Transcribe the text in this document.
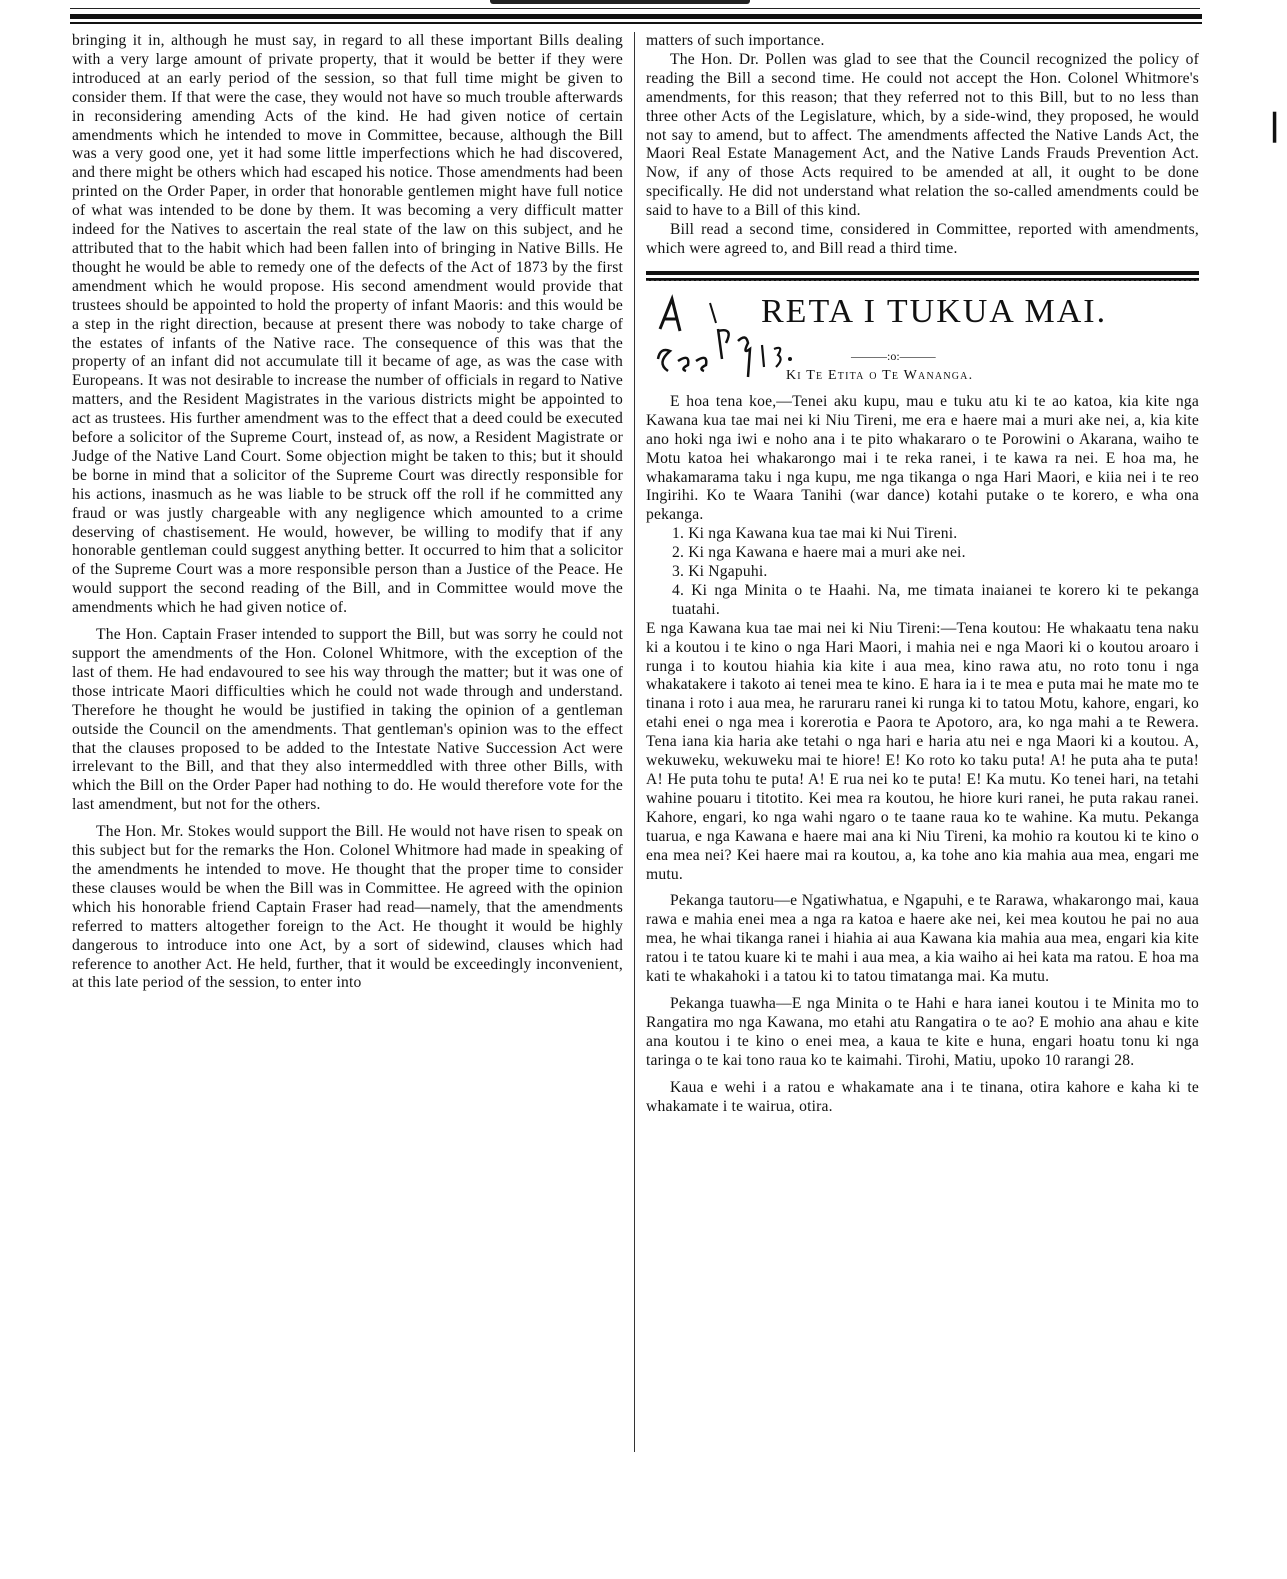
bringing it in, although he must say, in regard to all these important Bills dealing with a very large amount of private property, that it would be better if they were introduced at an early period of the session, so that full time might be given to consider them. If that were the case, they would not have so much trouble afterwards in reconsidering amending Acts of the kind. He had given notice of certain amendments which he intended to move in Committee, because, although the Bill was a very good one, yet it had some little imperfections which he had discovered, and there might be others which had escaped his notice. Those amendments had been printed on the Order Paper, in order that honorable gentlemen might have full notice of what was intended to be done by them. It was becoming a very difficult matter indeed for the Natives to ascertain the real state of the law on this subject, and he attributed that to the habit which had been fallen into of bringing in Native Bills. He thought he would be able to remedy one of the defects of the Act of 1873 by the first amendment which he would propose. His second amendment would provide that trustees should be appointed to hold the property of infant Maoris: and this would be a step in the right direction, because at present there was nobody to take charge of the estates of infants of the Native race. The consequence of this was that the property of an infant did not accumulate till it became of age, as was the case with Europeans. It was not desirable to increase the number of officials in regard to Native matters, and the Resident Magistrates in the various districts might be appointed to act as trustees. His further amendment was to the effect that a deed could be executed before a solicitor of the Supreme Court, instead of, as now, a Resident Magistrate or Judge of the Native Land Court. Some objection might be taken to this; but it should be borne in mind that a solicitor of the Supreme Court was directly responsible for his actions, inasmuch as he was liable to be struck off the roll if he committed any fraud or was justly chargeable with any negligence which amounted to a crime deserving of chastisement. He would, however, be willing to modify that if any honorable gentleman could suggest anything better. It occurred to him that a solicitor of the Supreme Court was a more responsible person than a Justice of the Peace. He would support the second reading of the Bill, and in Committee would move the amendments which he had given notice of.

The Hon. Captain Fraser intended to support the Bill, but was sorry he could not support the amendments of the Hon. Colonel Whitmore, with the exception of the last of them. He had endavoured to see his way through the matter; but it was one of those intricate Maori difficulties which he could not wade through and understand. Therefore he thought he would be justified in taking the opinion of a gentleman outside the Council on the amendments. That gentleman's opinion was to the effect that the clauses proposed to be added to the Intestate Native Succession Act were irrelevant to the Bill, and that they also intermeddled with three other Bills, with which the Bill on the Order Paper had nothing to do. He would therefore vote for the last amendment, but not for the others.

The Hon. Mr. Stokes would support the Bill. He would not have risen to speak on this subject but for the remarks the Hon. Colonel Whitmore had made in speaking of the amendments he intended to move. He thought that the proper time to consider these clauses would be when the Bill was in Committee. He agreed with the opinion which his honorable friend Captain Fraser had read—namely, that the amendments referred to matters altogether foreign to the Act. He thought it would be highly dangerous to introduce into one Act, by a sort of sidewind, clauses which had reference to another Act. He held, further, that it would be exceedingly inconvenient, at this late period of the session, to enter into

matters of such importance.

The Hon. Dr. Pollen was glad to see that the Council recognized the policy of reading the Bill a second time. He could not accept the Hon. Colonel Whitmore's amendments, for this reason; that they referred not to this Bill, but to no less than three other Acts of the Legislature, which, by a side-wind, they proposed, he would not say to amend, but to affect. The amendments affected the Native Lands Act, the Maori Real Estate Management Act, and the Native Lands Frauds Prevention Act. Now, if any of those Acts required to be amended at all, it ought to be done specifically. He did not understand what relation the so-called amendments could be said to have to a Bill of this kind.

Bill read a second time, considered in Committee, reported with amendments, which were agreed to, and Bill read a third time.

RETA I TUKUA MAI.
———:o:———
Ki Te Etita o Te Wananga.

E hoa tena koe,—Tenei aku kupu, mau e tuku atu ki te ao katoa, kia kite nga Kawana kua tae mai nei ki Niu Tireni, me era e haere mai a muri ake nei, a, kia kite ano hoki nga iwi e noho ana i te pito whakararo o te Porowini o Akarana, waiho te Motu katoa hei whakarongo mai i te reka ranei, i te kawa ra nei. E hoa ma, he whakamarama taku i nga kupu, me nga tikanga o nga Hari Maori, e kiia nei i te reo Ingirihi. Ko te Waara Tanihi (war dance) kotahi putake o te korero, e wha ona pekanga.

1. Ki nga Kawana kua tae mai ki Nui Tireni.

2. Ki nga Kawana e haere mai a muri ake nei.

3. Ki Ngapuhi.

4. Ki nga Minita o te Haahi. Na, me timata inaianei te korero ki te pekanga tuatahi.

E nga Kawana kua tae mai nei ki Niu Tireni:—Tena koutou: He whakaatu tena naku ki a koutou i te kino o nga Hari Maori, i mahia nei e nga Maori ki o koutou aroaro i runga i to koutou hiahia kia kite i aua mea, kino rawa atu, no roto tonu i nga whakatakere i takoto ai tenei mea te kino. E hara ia i te mea e puta mai he mate mo te tinana i roto i aua mea, he raruraru ranei ki runga ki to tatou Motu, kahore, engari, ko etahi enei o nga mea i korerotia e Paora te Apotoro, ara, ko nga mahi a te Rewera. Tena iana kia haria ake tetahi o nga hari e haria atu nei e nga Maori ki a koutou. A, wekuweku, wekuweku mai te hiore! E! Ko roto ko taku puta! A! he puta aha te puta! A! He puta tohu te puta! A! E rua nei ko te puta! E! Ka mutu. Ko tenei hari, na tetahi wahine pouaru i titotito. Kei mea ra koutou, he hiore kuri ranei, he puta rakau ranei. Kahore, engari, ko nga wahi ngaro o te taane raua ko te wahine. Ka mutu. Pekanga tuarua, e nga Kawana e haere mai ana ki Niu Tireni, ka mohio ra koutou ki te kino o ena mea nei? Kei haere mai ra koutou, a, ka tohe ano kia mahia aua mea, engari me mutu.

Pekanga tautoru—e Ngatiwhatua, e Ngapuhi, e te Rarawa, whakarongo mai, kaua rawa e mahia enei mea a nga ra katoa e haere ake nei, kei mea koutou he pai no aua mea, he whai tikanga ranei i hiahia ai aua Kawana kia mahia aua mea, engari kia kite ratou i te tatou kuare ki te mahi i aua mea, a kia waiho ai hei kata ma ratou. E hoa ma kati te whakahoki i a tatou ki to tatou timatanga mai. Ka mutu.

Pekanga tuawha—E nga Minita o te Hahi e hara ianei koutou i te Minita mo to Rangatira mo nga Kawana, mo etahi atu Rangatira o te ao? E mohio ana ahau e kite ana koutou i te kino o enei mea, a kaua te kite e huna, engari hoatu tonu ki nga taringa o te kai tono raua ko te kaimahi. Tirohi, Matiu, upoko 10 rarangi 28.

Kaua e wehi i a ratou e whakamate ana i te tinana, otira kahore e kaha ki te whakamate i te wairua, otira.

❘
